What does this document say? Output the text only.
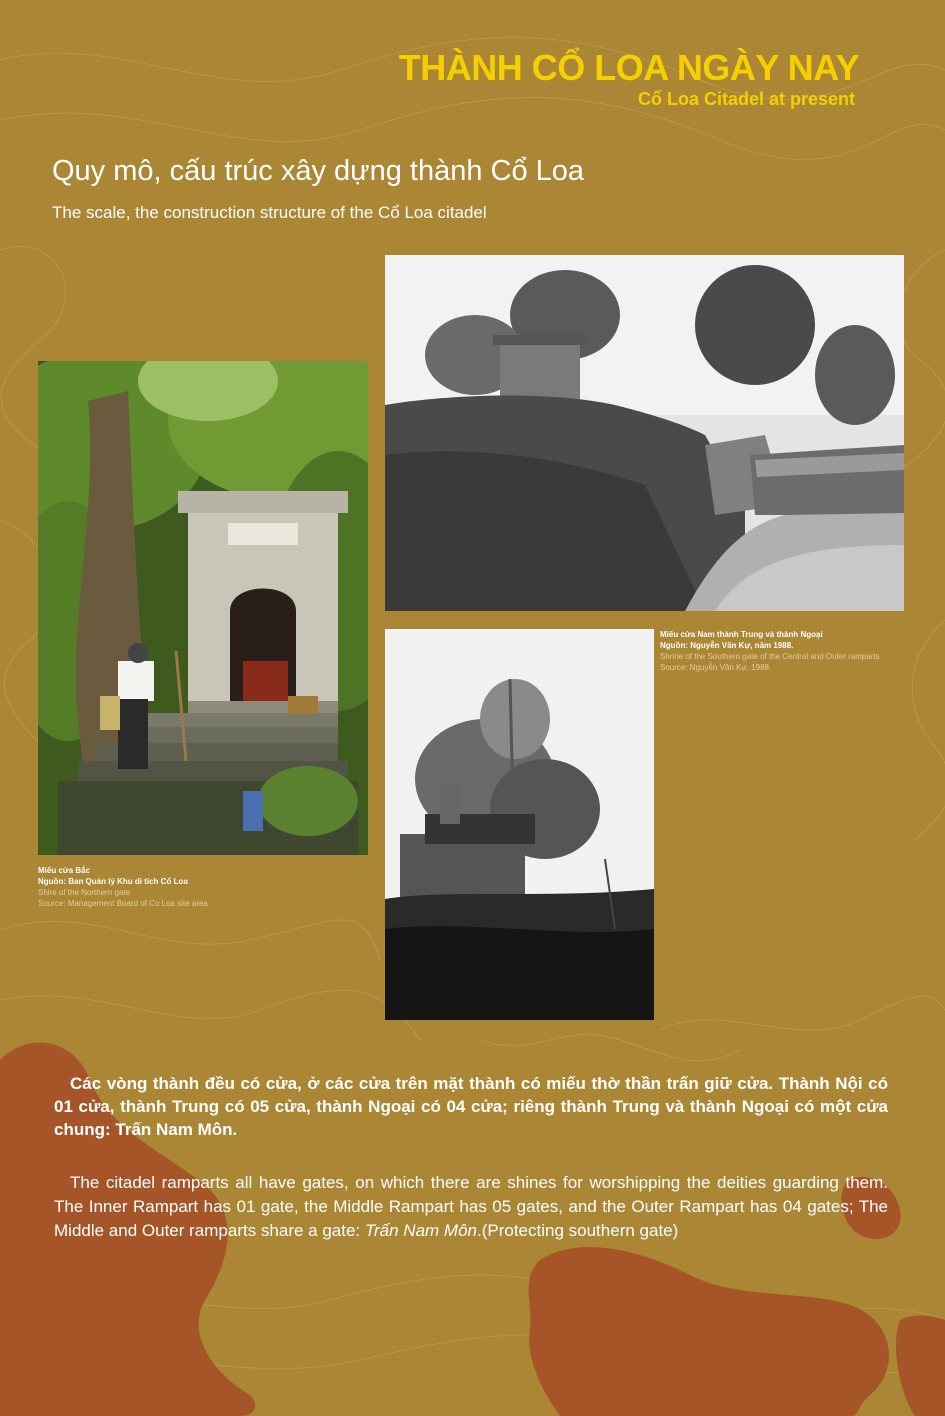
THÀNH CỔ LOA NGÀY NAY
Cổ Loa Citadel at present
Quy mô, cấu trúc xây dựng thành Cổ Loa
The scale, the construction structure of the Cổ Loa citadel
Miếu cửa Bắc
Nguồn: Ban Quản lý Khu di tích Cổ Loa
Shire of the Northern gate
Source: Management Board of Co Loa site area
Miếu cửa Nam thành Trung và thành Ngoại
Nguồn: Nguyễn Văn Kự, năm 1988.
Shrine of the Southern gate of the Central and Outer ramparts
Source: Nguyễn Văn Kự, 1988.
Các vòng thành đều có cửa, ở các cửa trên mặt thành có miếu thờ thần trấn giữ cửa. Thành Nội có 01 cửa, thành Trung có 05 cửa, thành Ngoại có 04 cửa; riêng thành Trung và thành Ngoại có một cửa chung: Trấn Nam Môn.
The citadel ramparts all have gates, on which there are shines for worshipping the deities guarding them. The Inner Rampart has 01 gate, the Middle Rampart has 05 gates, and the Outer Rampart has 04 gates; The Middle and Outer ramparts share a gate: Trấn Nam Môn.(Protecting southern gate)
